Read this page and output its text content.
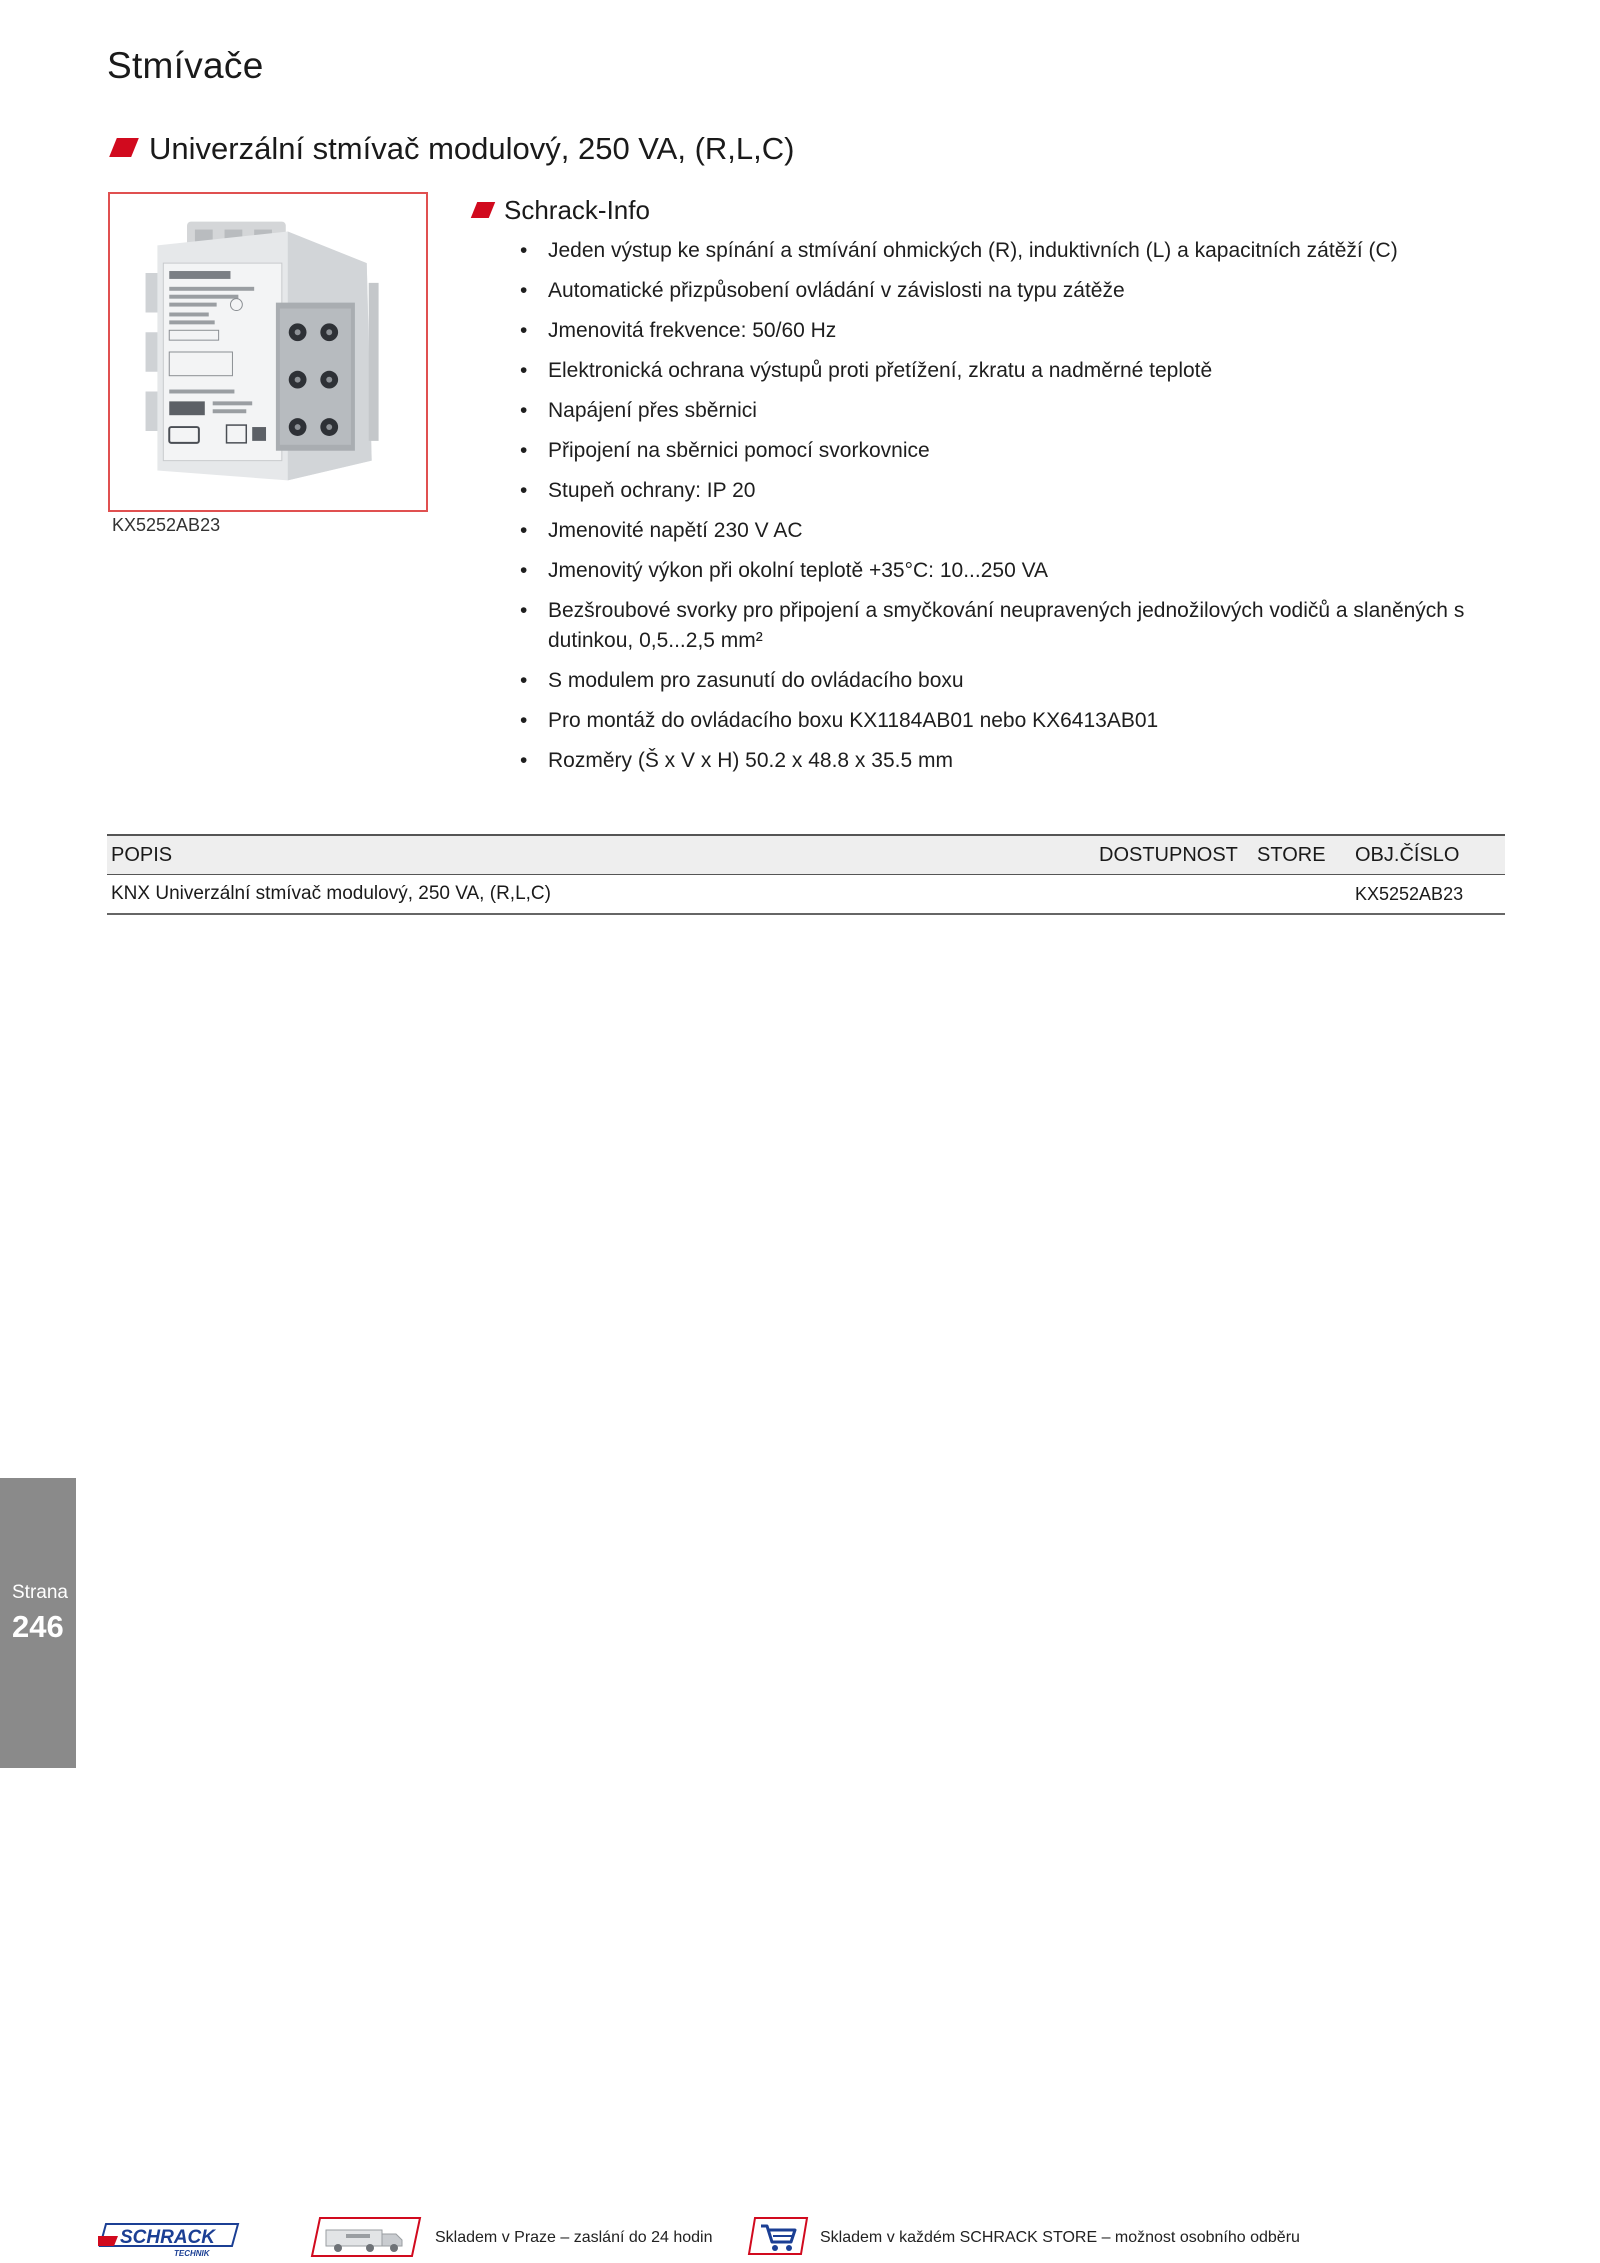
Stmívače
Univerzální stmívač modulový, 250 VA, (R,L,C)
KX5252AB23
Schrack-Info
• Jeden výstup ke spínání a stmívání ohmických (R), induktivních (L) a kapacitních zátěží (C)
• Automatické přizpůsobení ovládání v závislosti na typu zátěže
• Jmenovitá frekvence: 50/60 Hz
• Elektronická ochrana výstupů proti přetížení, zkratu a nadměrné teplotě
• Napájení přes sběrnici
• Připojení na sběrnici pomocí svorkovnice
• Stupeň ochrany: IP 20
• Jmenovité napětí 230 V AC
• Jmenovitý výkon při okolní teplotě +35°C: 10...250 VA
• Bezšroubové svorky pro připojení a smyčkování neupravených jednožilových vodičů a slaněných s dutinkou, 0,5...2,5 mm²
• S modulem pro zasunutí do ovládacího boxu
• Pro montáž do ovládacího boxu KX1184AB01 nebo KX6413AB01
• Rozměry (Š x V x H) 50.2 x 48.8 x 35.5 mm
POPIS	DOSTUPNOST	STORE	OBJ.ČÍSLO
KNX Univerzální stmívač modulový, 250 VA, (R,L,C)			KX5252AB23
Strana
246
SCHRACK
TECHNIK
Skladem v Praze – zaslání do 24 hodin	Skladem v každém SCHRACK STORE – možnost osobního odběru
